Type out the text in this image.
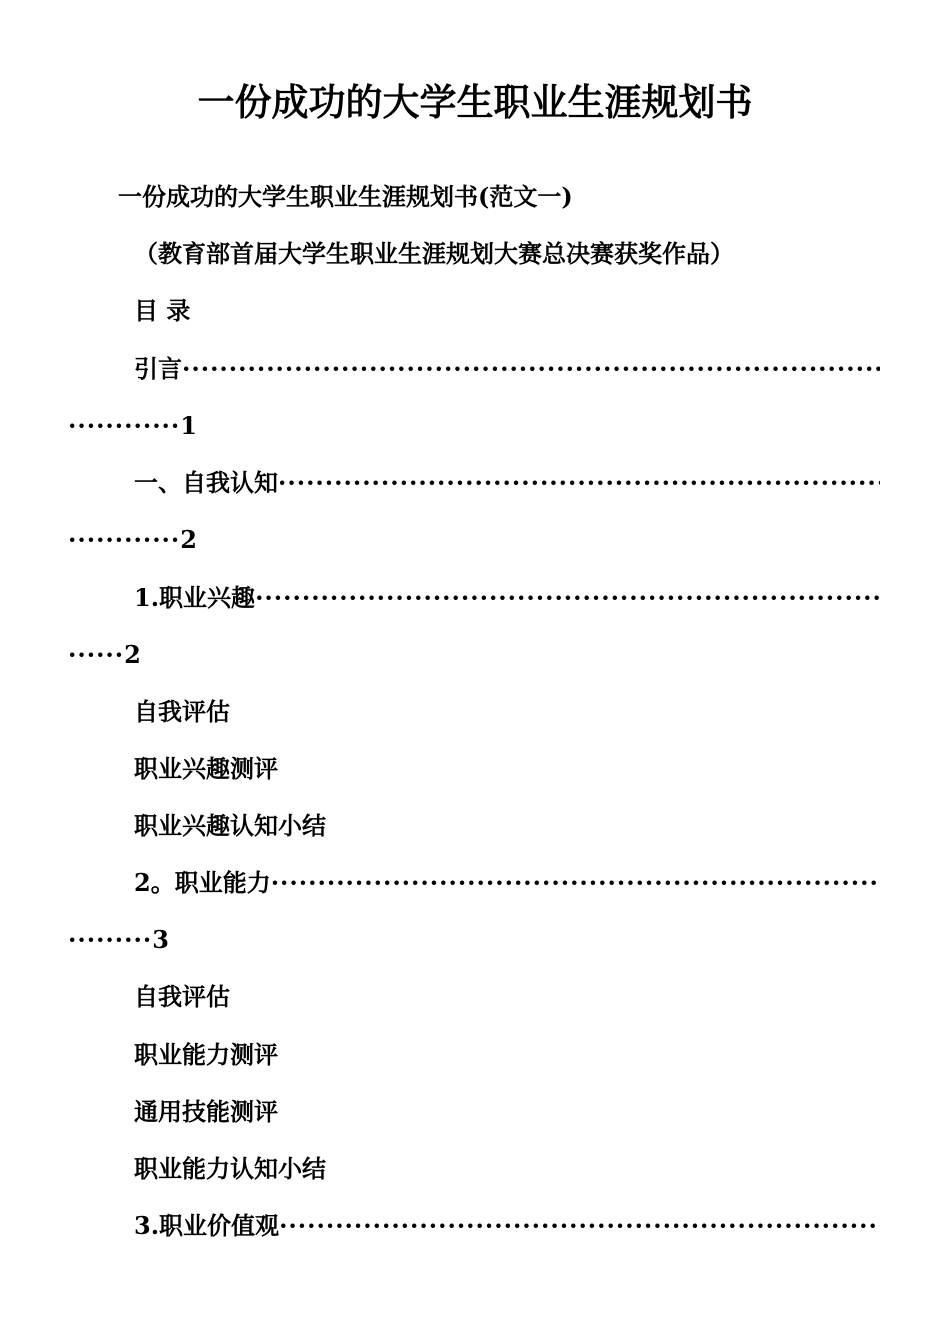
一份成功的大学生职业生涯规划书
一份成功的大学生职业生涯规划书(范文一)
（教育部首届大学生职业生涯规划大赛总决赛获奖作品）
目 录
引言
·····
············1
一、自我认知
·····
············2
1.职业兴趣
·····
······2
自我评估
职业兴趣测评
职业兴趣认知小结
2。职业能力
·····
·········3
自我评估
职业能力测评
通用技能测评
职业能力认知小结
3.职业价值观
·····
